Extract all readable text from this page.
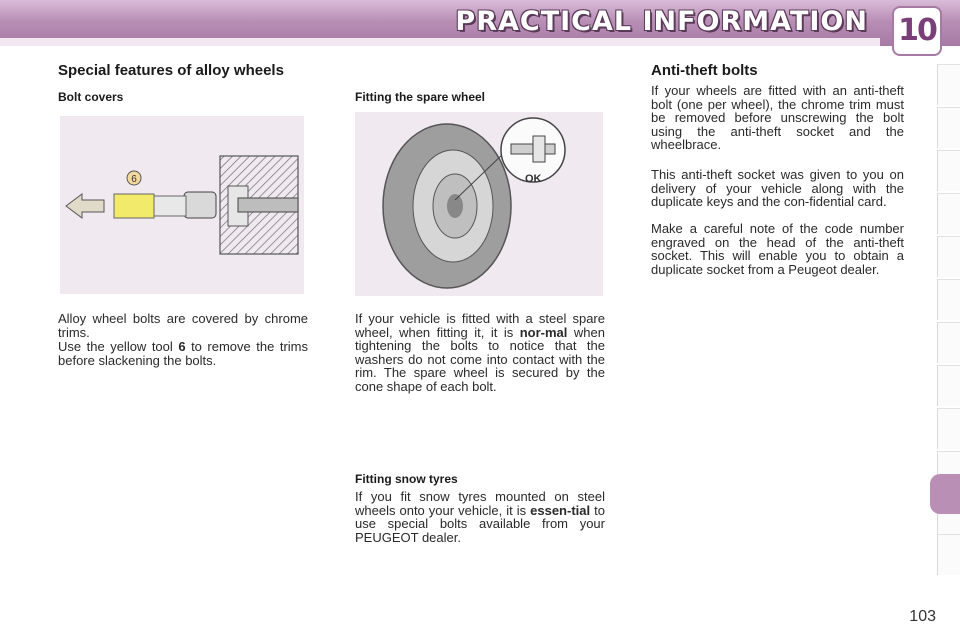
PRACTICAL INFORMATION 10
Special features of alloy wheels
Bolt covers
6

Alloy wheel bolts are covered by chrome trims.

Use the yellow tool 6 to remove the trims before slackening the bolts.

Fitting the spare wheel
OK

If your vehicle is fitted with a steel spare wheel, when fitting it, it is nor-mal when tightening the bolts to notice that the washers do not come into contact with the rim. The spare wheel is secured by the cone shape of each bolt.

Fitting snow tyres

If you fit snow tyres mounted on steel wheels onto your vehicle, it is essen-tial to use special bolts available from your PEUGEOT dealer.

Anti-theft bolts

If your wheels are fitted with an anti-theft bolt (one per wheel), the chrome trim must be removed before unscrewing the bolt using the anti-theft socket and the wheelbrace.

This anti-theft socket was given to you on delivery of your vehicle along with the duplicate keys and the con-fidential card.

Make a careful note of the code number engraved on the head of the anti-theft socket. This will enable you to obtain a duplicate socket from a Peugeot dealer.

103
